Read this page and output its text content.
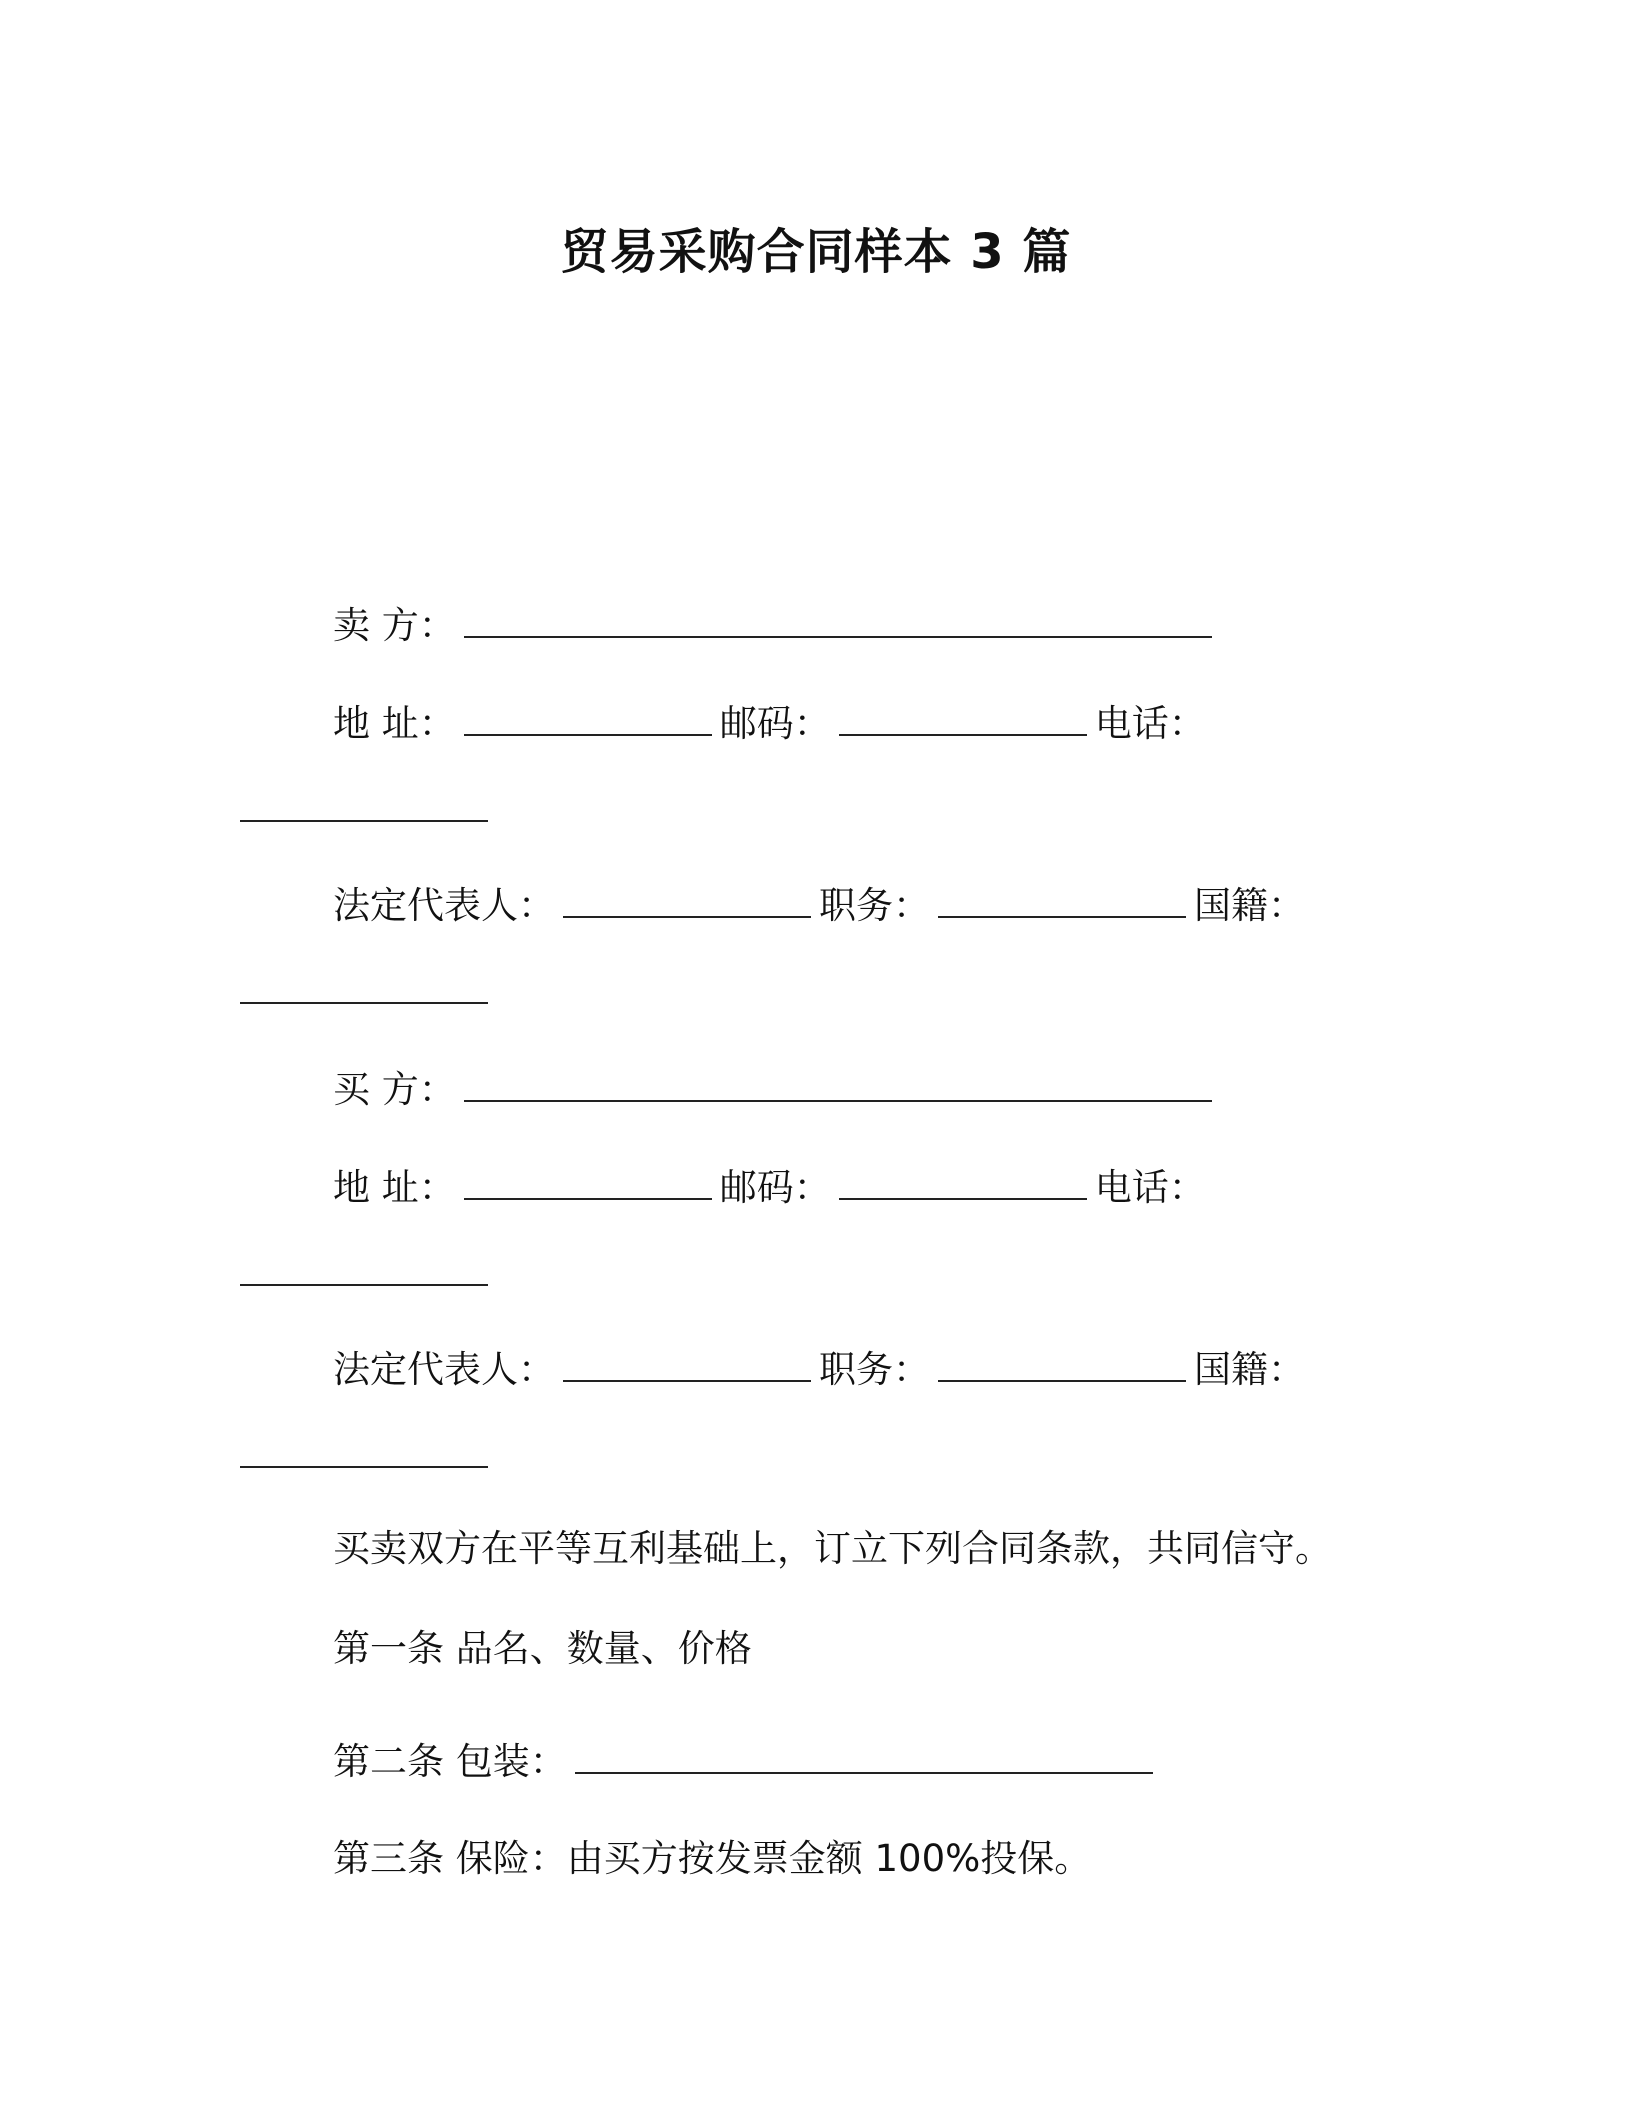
贸易采购合同样本 3 篇
卖 方：
地 址：	邮码：	电话：
法定代表人：	职务：	国籍：
买 方：
地 址：	邮码：	电话：
法定代表人：	职务：	国籍：
买卖双方在平等互利基础上，订立下列合同条款，共同信守。
第一条 品名、数量、价格
第二条 包装：
第三条 保险：由买方按发票金额 100%投保。
